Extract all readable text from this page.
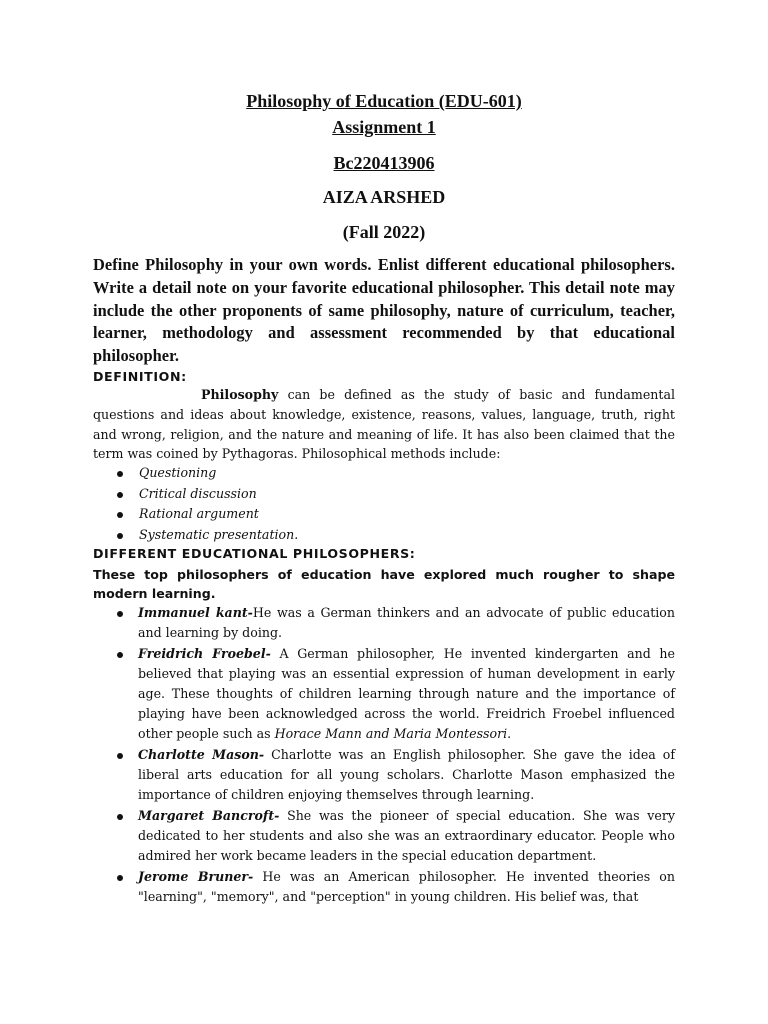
Philosophy of Education (EDU-601)
Assignment 1
Bc220413906
AIZA ARSHED
(Fall 2022)
Define Philosophy in your own words. Enlist different educational philosophers. Write a detail note on your favorite educational philosopher. This detail note may include the other proponents of same philosophy, nature of curriculum, teacher, learner, methodology and assessment recommended by that educational philosopher.
DEFINITION:
Philosophy can be defined as the study of basic and fundamental questions and ideas about knowledge, existence, reasons, values, language, truth, right and wrong, religion, and the nature and meaning of life. It has also been claimed that the term was coined by Pythagoras. Philosophical methods include:
Questioning
Critical discussion
Rational argument
Systematic presentation.
DIFFERENT EDUCATIONAL PHILOSOPHERS:
These top philosophers of education have explored much rougher to shape modern learning.
Immanuel kant-He was a German thinkers and an advocate of public education and learning by doing.
Freidrich Froebel- A German philosopher, He invented kindergarten and he believed that playing was an essential expression of human development in early age. These thoughts of children learning through nature and the importance of playing have been acknowledged across the world. Freidrich Froebel influenced other people such as Horace Mann and Maria Montessori.
Charlotte Mason- Charlotte was an English philosopher. She gave the idea of liberal arts education for all young scholars. Charlotte Mason emphasized the importance of children enjoying themselves through learning.
Margaret Bancroft- She was the pioneer of special education. She was very dedicated to her students and also she was an extraordinary educator. People who admired her work became leaders in the special education department.
Jerome Bruner- He was an American philosopher. He invented theories on "learning", "memory", and "perception" in young children. His belief was, that
